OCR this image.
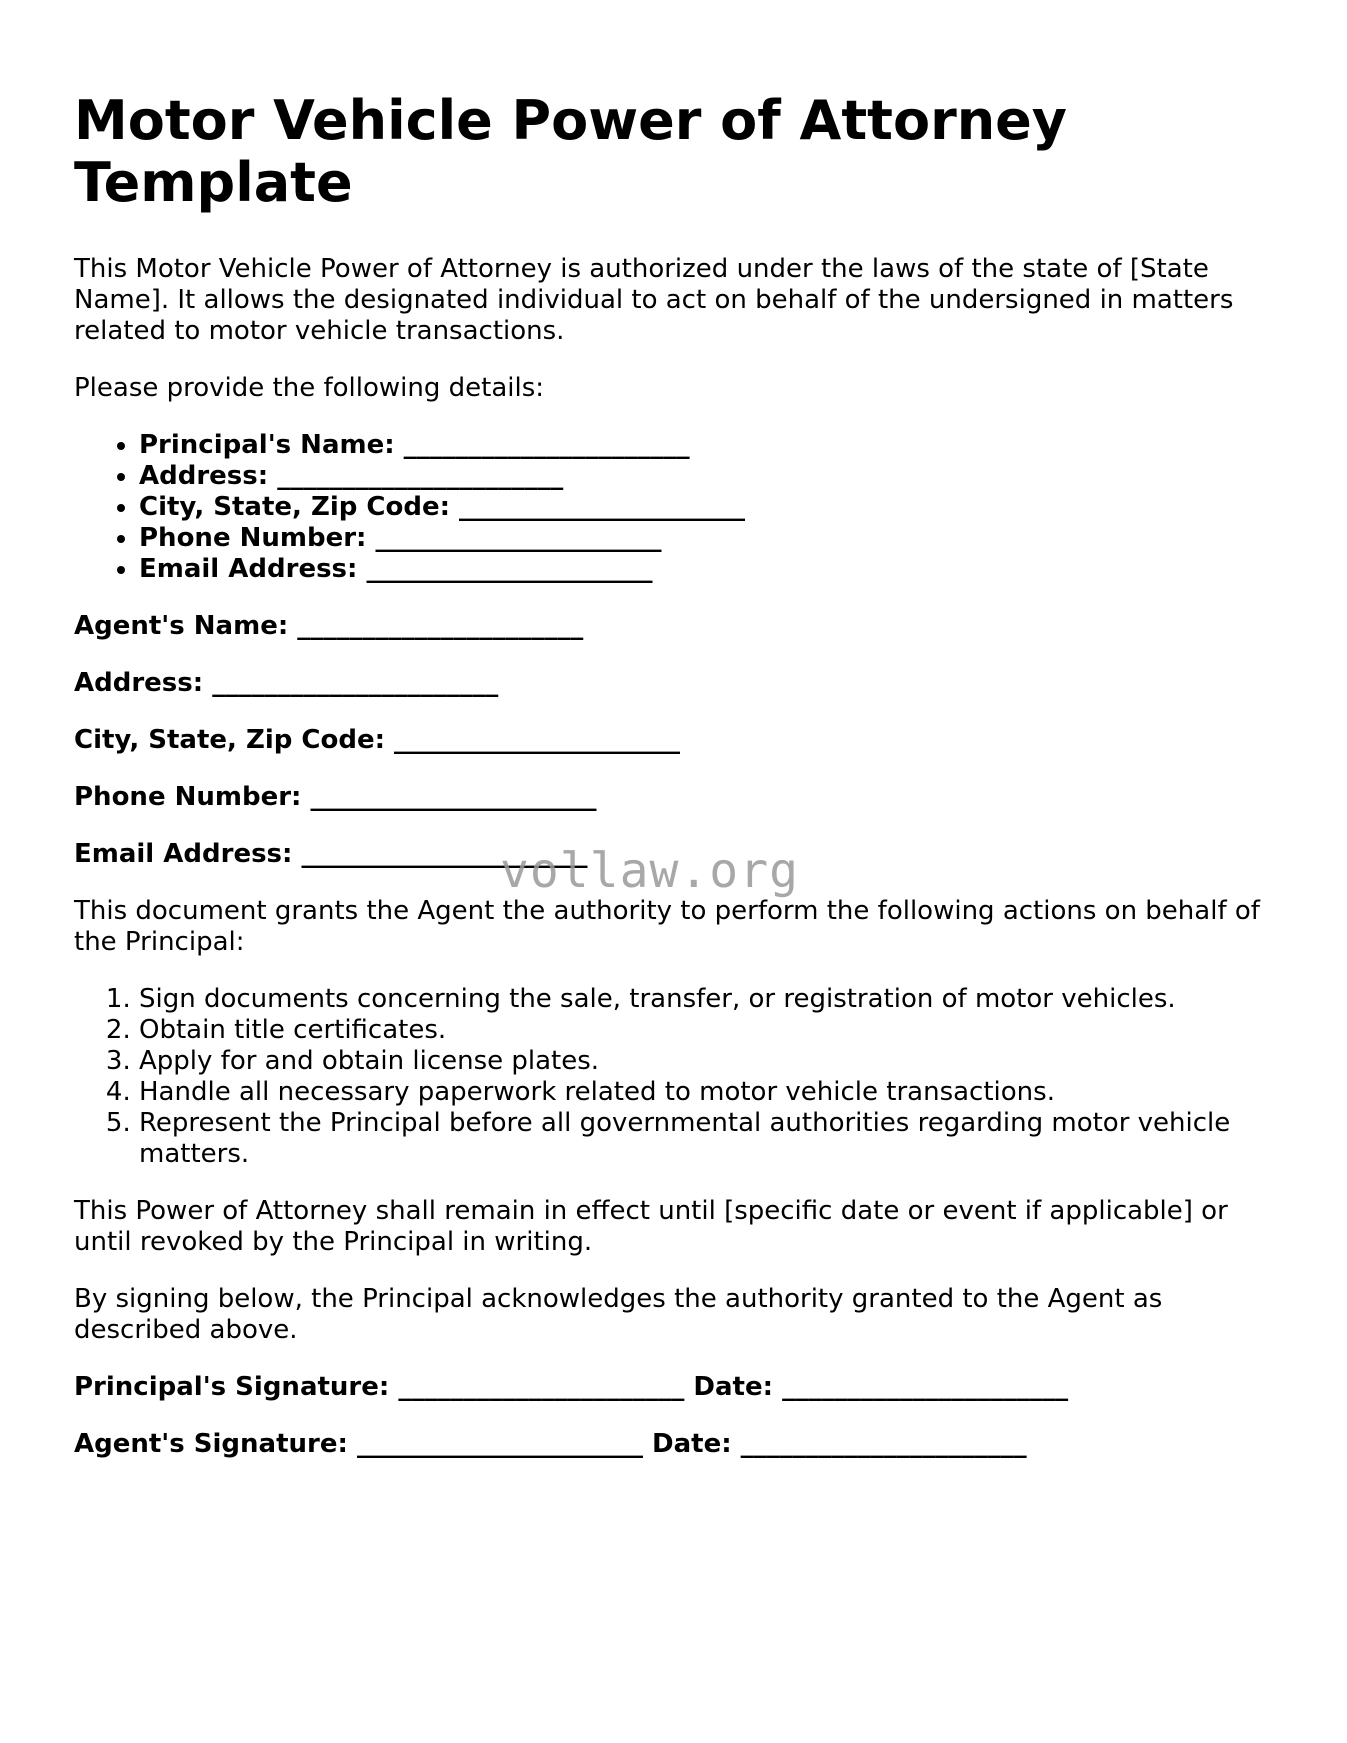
Motor Vehicle Power of Attorney Template

This Motor Vehicle Power of Attorney is authorized under the laws of the state of [State Name]. It allows the designated individual to act on behalf of the undersigned in matters related to motor vehicle transactions.

Please provide the following details:

• Principal's Name: ______________________
• Address: ______________________
• City, State, Zip Code: ______________________
• Phone Number: ______________________
• Email Address: ______________________

Agent's Name: ______________________

Address: ______________________

City, State, Zip Code: ______________________

Phone Number: ______________________

Email Address: ______________________

This document grants the Agent the authority to perform the following actions on behalf of the Principal:

1. Sign documents concerning the sale, transfer, or registration of motor vehicles.
2. Obtain title certificates.
3. Apply for and obtain license plates.
4. Handle all necessary paperwork related to motor vehicle transactions.
5. Represent the Principal before all governmental authorities regarding motor vehicle matters.

This Power of Attorney shall remain in effect until [specific date or event if applicable] or until revoked by the Principal in writing.

By signing below, the Principal acknowledges the authority granted to the Agent as described above.

Principal's Signature: ______________________ Date: ______________________

Agent's Signature: ______________________ Date: ______________________

vollaw.org
